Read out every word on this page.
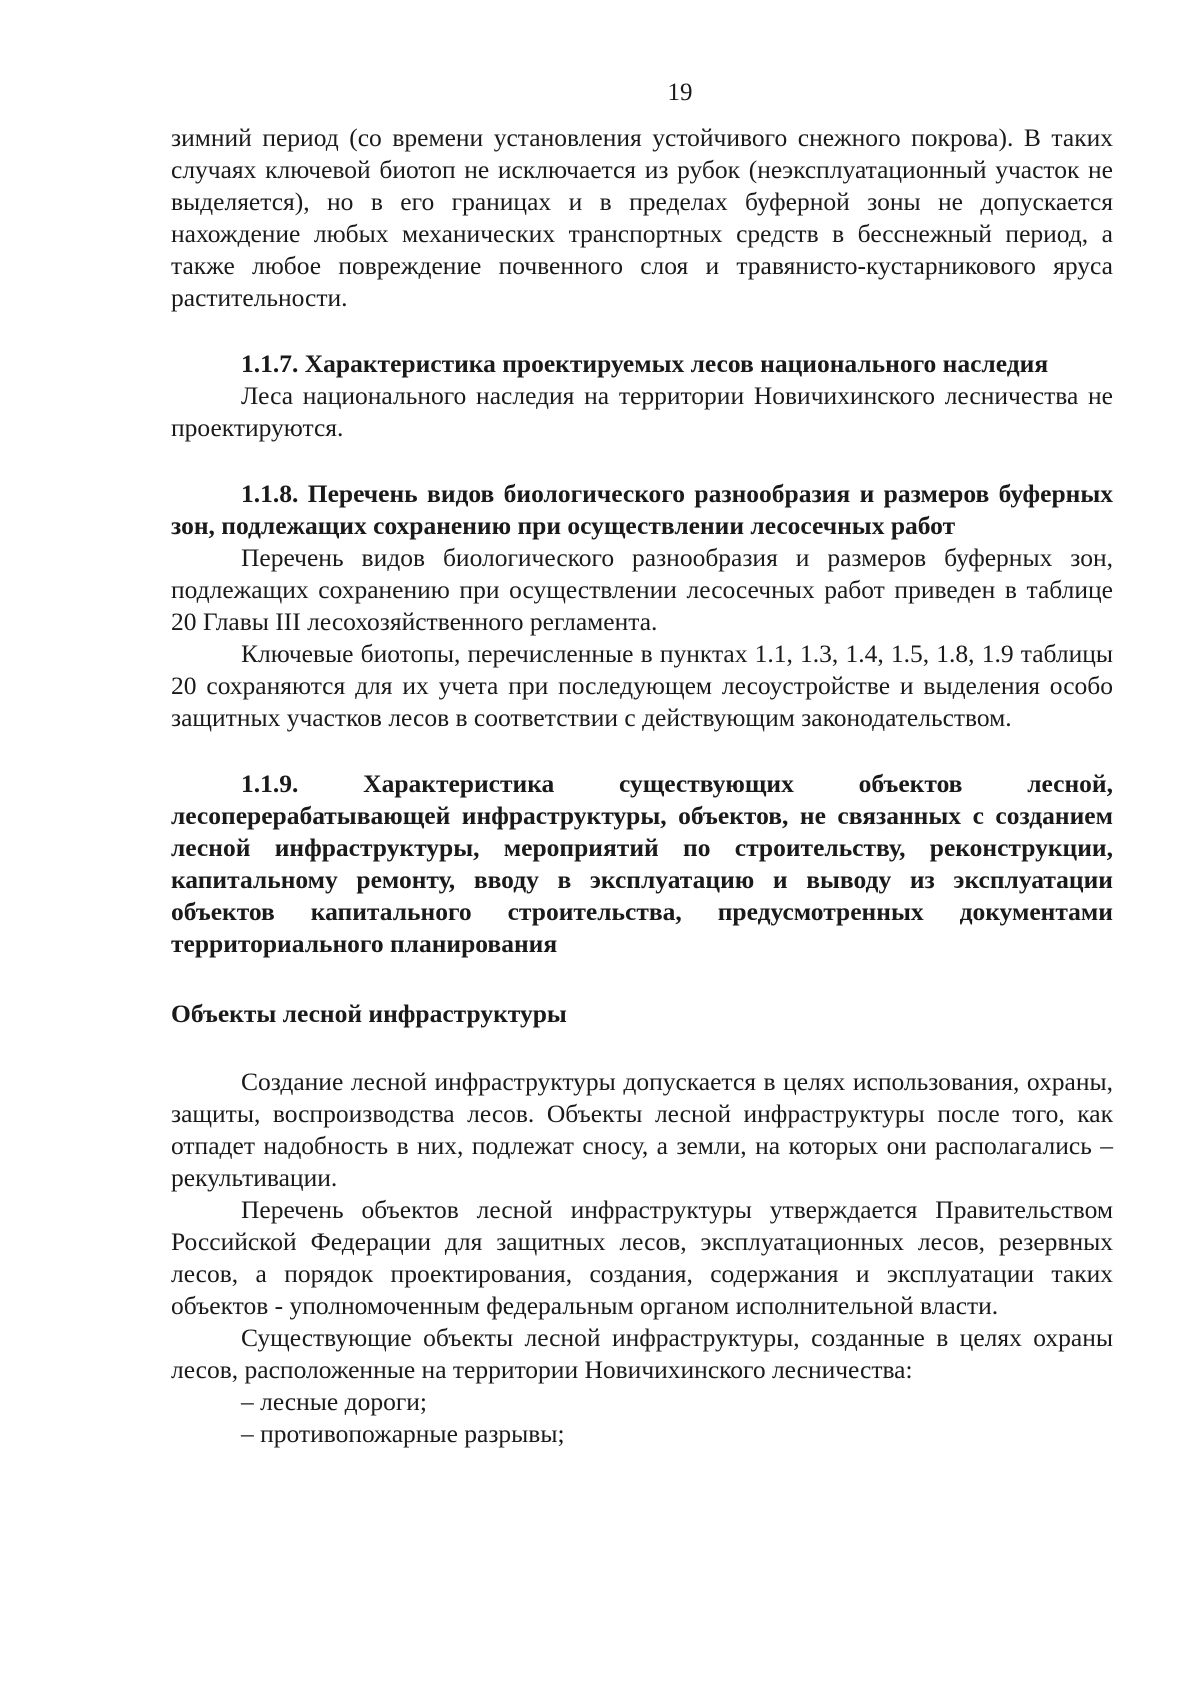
19

зимний период (со времени установления устойчивого снежного покрова). В таких случаях ключевой биотоп не исключается из рубок (неэксплуатационный участок не выделяется), но в его границах и в пределах буферной зоны не допускается нахождение любых механических транспортных средств в бесснежный период, а также любое повреждение почвенного слоя и травянисто-кустарникового яруса растительности.

1.1.7. Характеристика проектируемых лесов национального наследия

Леса национального наследия на территории Новичихинского лесничества не проектируются.

1.1.8. Перечень видов биологического разнообразия и размеров буферных зон, подлежащих сохранению при осуществлении лесосечных работ

Перечень видов биологического разнообразия и размеров буферных зон, подлежащих сохранению при осуществлении лесосечных работ приведен в таблице 20 Главы III лесохозяйственного регламента.

Ключевые биотопы, перечисленные в пунктах 1.1, 1.3, 1.4, 1.5, 1.8, 1.9 таблицы 20 сохраняются для их учета при последующем лесоустройстве и выделения особо защитных участков лесов в соответствии с действующим законодательством.

1.1.9. Характеристика существующих объектов лесной, лесоперерабатывающей инфраструктуры, объектов, не связанных с созданием лесной инфраструктуры, мероприятий по строительству, реконструкции, капитальному ремонту, вводу в эксплуатацию и выводу из эксплуатации объектов капитального строительства, предусмотренных документами территориального планирования

Объекты лесной инфраструктуры

Создание лесной инфраструктуры допускается в целях использования, охраны, защиты, воспроизводства лесов. Объекты лесной инфраструктуры после того, как отпадет надобность в них, подлежат сносу, а земли, на которых они располагались – рекультивации.

Перечень объектов лесной инфраструктуры утверждается Правительством Российской Федерации для защитных лесов, эксплуатационных лесов, резервных лесов, а порядок проектирования, создания, содержания и эксплуатации таких объектов - уполномоченным федеральным органом исполнительной власти.

Существующие объекты лесной инфраструктуры, созданные в целях охраны лесов, расположенные на территории Новичихинского лесничества:

– лесные дороги;

– противопожарные разрывы;
